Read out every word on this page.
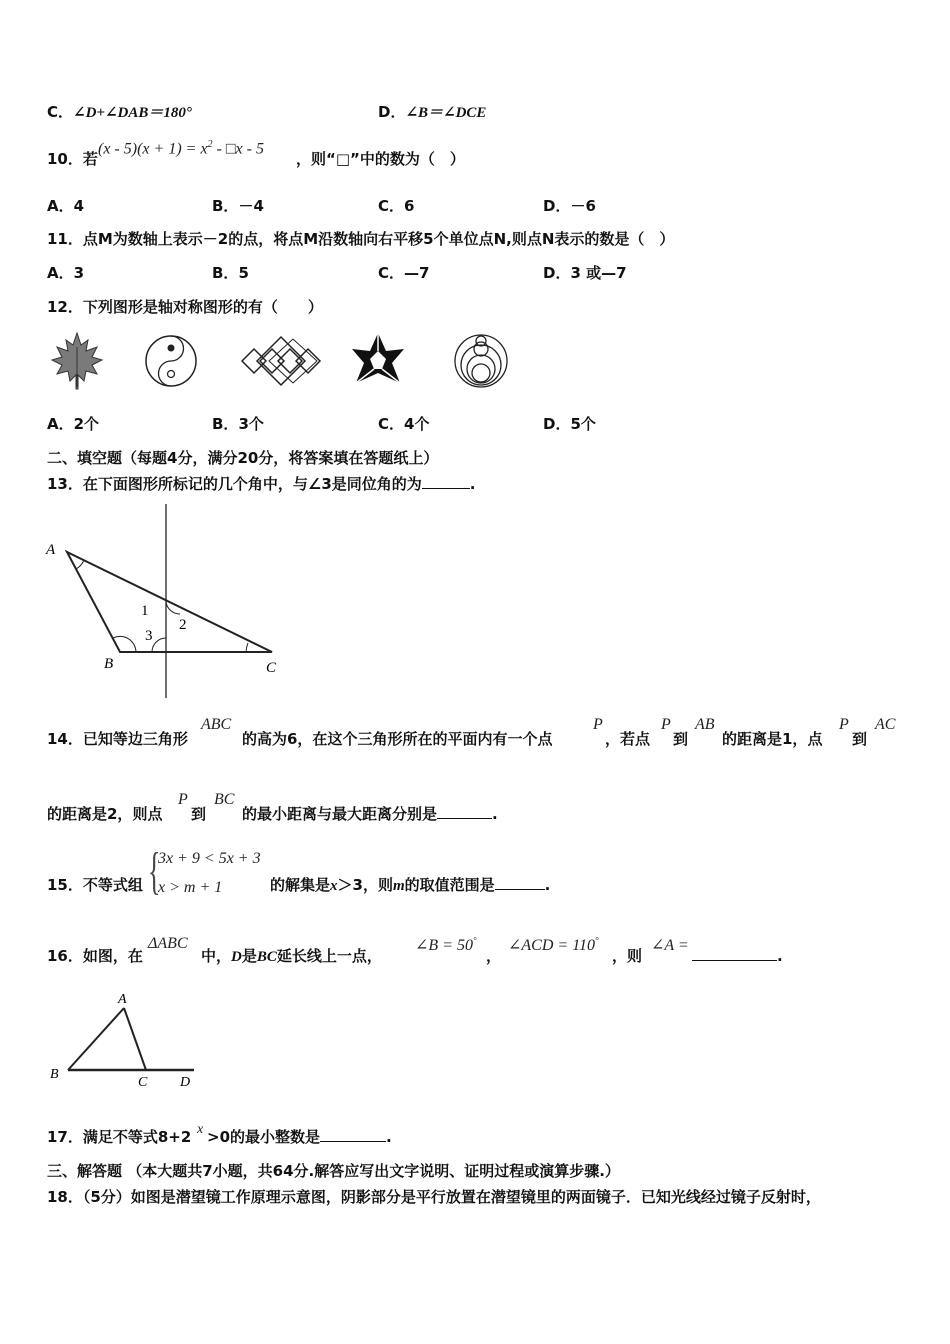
C．∠D+∠DAB＝180°	D．∠B＝∠DCE
10．若
$(x - 5)(x + 1) = x^2$ - □x - 5
，则“□”中的数为（　）
A．4	B．－4	C．6	D．－6
11．点M为数轴上表示－2的点，将点M沿数轴向右平移5个单位点N,则点N表示的数是（　）
A．3	B．5	C．—7	D．3 或—7
12．下列图形是轴对称图形的有（　　）
A．2个	B．3个	C．4个	D．5个
二、填空题（每题4分，满分20分，将答案填在答题纸上）
13．在下面图形所标记的几个角中，与∠3是同位角的为	.
A
B	C
1
2
3
14．已知等边三角形
ABC
的高为6，在这个三角形所在的平面内有一个点
P
，若点
P
到
AB
的距离是1，点
P
到
AC
的距离是2，则点
P
到
BC
的最小距离与最大距离分别是	.
15．不等式组 {
3x + 9 < 5x + 3
x > m + 1	的解集是x＞3，则m的取值范围是	.
16．如图，在
ΔABC
中，D是BC延长线上一点，
∠B = 50°
，
∠ACD = 110°
，则
∠A =
.
A
B
C D
17．满足不等式8+2 x >0的最小整数是	.
三、解答题 （本大题共7小题，共64分.解答应写出文字说明、证明过程或演算步骤.）
18．（5分）如图是潜望镜工作原理示意图，阴影部分是平行放置在潜望镜里的两面镜子．已知光线经过镜子反射时，
